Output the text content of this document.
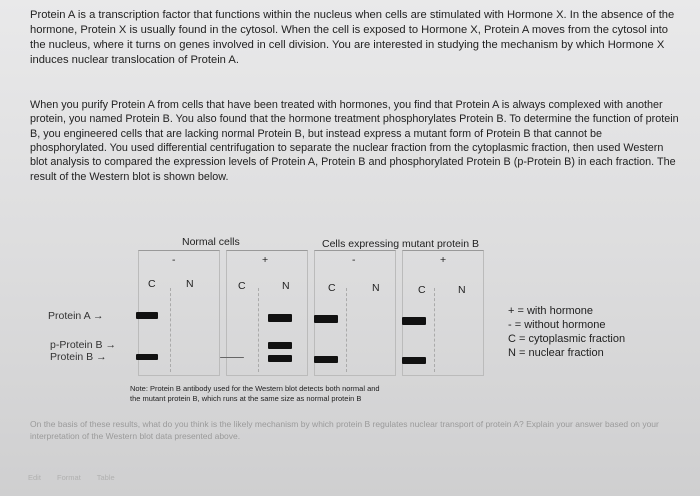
Protein A is a transcription factor that functions within the nucleus when cells are stimulated with Hormone X. In the absence of the hormone, Protein X is usually found in the cytosol. When the cell is exposed to Hormone X, Protein A moves from the cytosol into the nucleus, where it turns on genes involved in cell division. You are interested in studying the mechanism by which Hormone X induces nuclear translocation of Protein A.

When you purify Protein A from cells that have been treated with hormones, you find that Protein A is always complexed with another protein, you named Protein B. You also found that the hormone treatment phosphorylates Protein B. To determine the function of protein B, you engineered cells that are lacking normal Protein B, but instead express a mutant form of Protein B that cannot be phosphorylated. You used differential centrifugation to separate the nuclear fraction from the cytoplasmic fraction, then used Western blot analysis to compared the expression levels of Protein A, Protein B and phosphorylated Protein B (p-Protein B) in each fraction. The result of the Western blot is shown below.

Normal cells	Cells expressing mutant protein B
-	+	-	+
C	N	C	N	C	N	C	N
Protein A →
p-Protein B →
Protein B →
+ = with hormone
- = without hormone
C = cytoplasmic fraction
N = nuclear fraction
Note: Protein B antibody used for the Western blot detects both normal and
the mutant protein B, which runs at the same size as normal protein B
On the basis of these results, what do you think is the likely mechanism by which protein B regulates nuclear transport of protein A? Explain your answer based on your interpretation of the Western blot data presented above.
Edit Format Table
